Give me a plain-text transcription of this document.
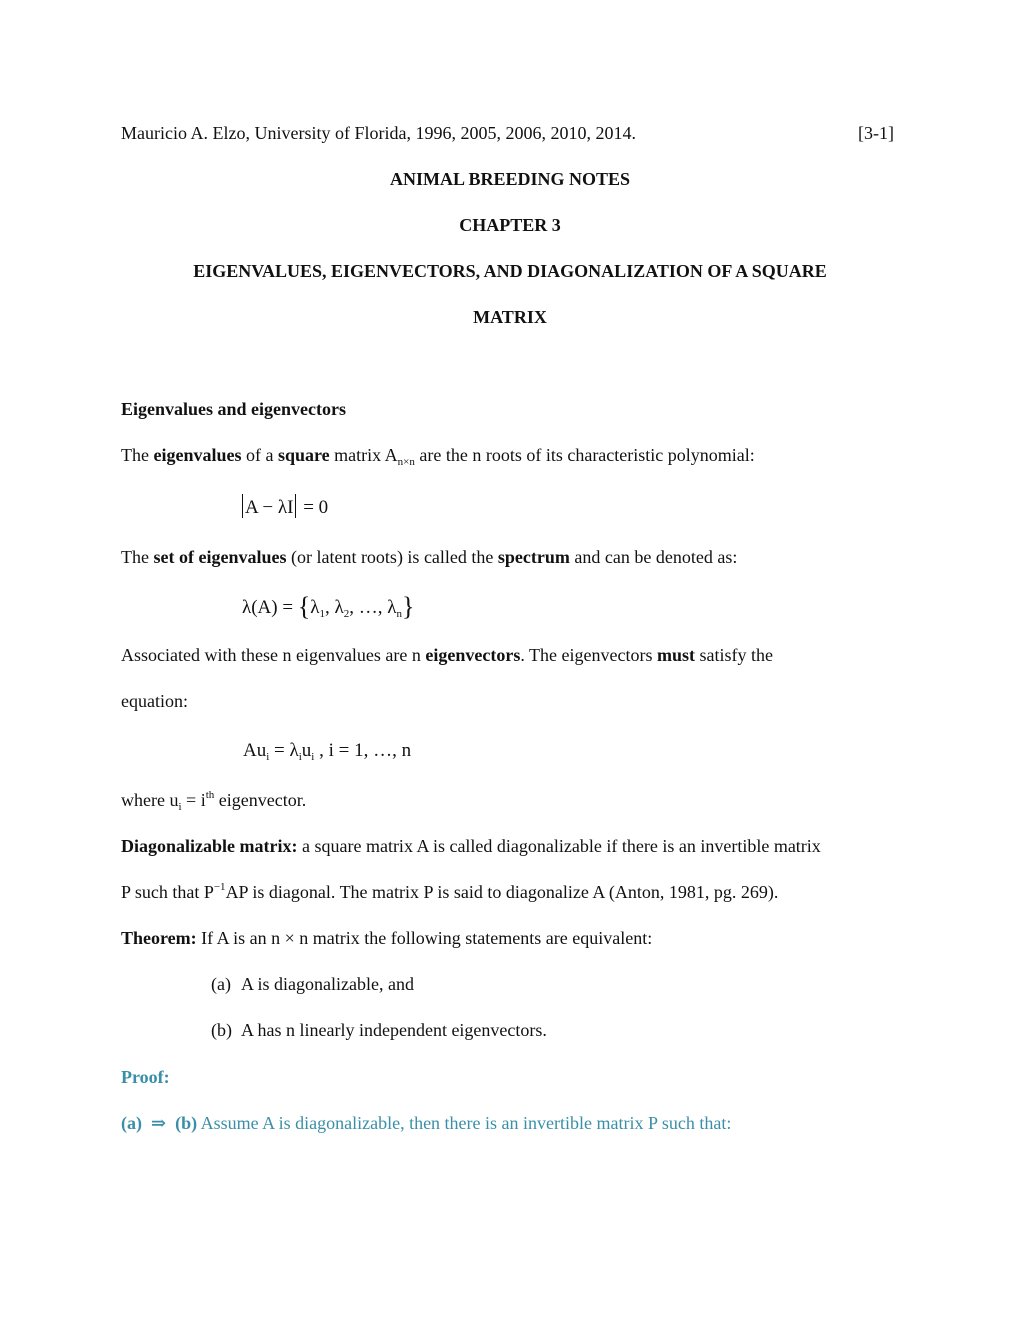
Mauricio A. Elzo, University of Florida, 1996, 2005, 2006, 2010, 2014.	[3-1]
ANIMAL BREEDING NOTES
CHAPTER 3
EIGENVALUES, EIGENVECTORS, AND DIAGONALIZATION OF A SQUARE
MATRIX
Eigenvalues and eigenvectors
The eigenvalues of a square matrix $A_{n\times n}$ are the n roots of its characteristic polynomial:
A − λI = 0
The set of eigenvalues (or latent roots) is called the spectrum and can be denoted as:
$\lambda(A) = \{\lambda_1$, $\lambda_2$, …, $\lambda_n$}
Associated with these n eigenvalues are n eigenvectors. The eigenvectors must satisfy the
equation:
$Au_i = \lambda_iu_i$ , i = 1, …, n
where $u_i = i^{th}$ eigenvector.
Diagonalizable matrix: a square matrix A is called diagonalizable if there is an invertible matrix
P such that $P^{-1}AP$ is diagonal. The matrix P is said to diagonalize A (Anton, 1981, pg. 269).
Theorem: If A is an n × n matrix the following statements are equivalent:
(a) A is diagonalizable, and
(b) A has n linearly independent eigenvectors.
Proof:
(a) ⇒ (b) Assume A is diagonalizable, then there is an invertible matrix P such that:
